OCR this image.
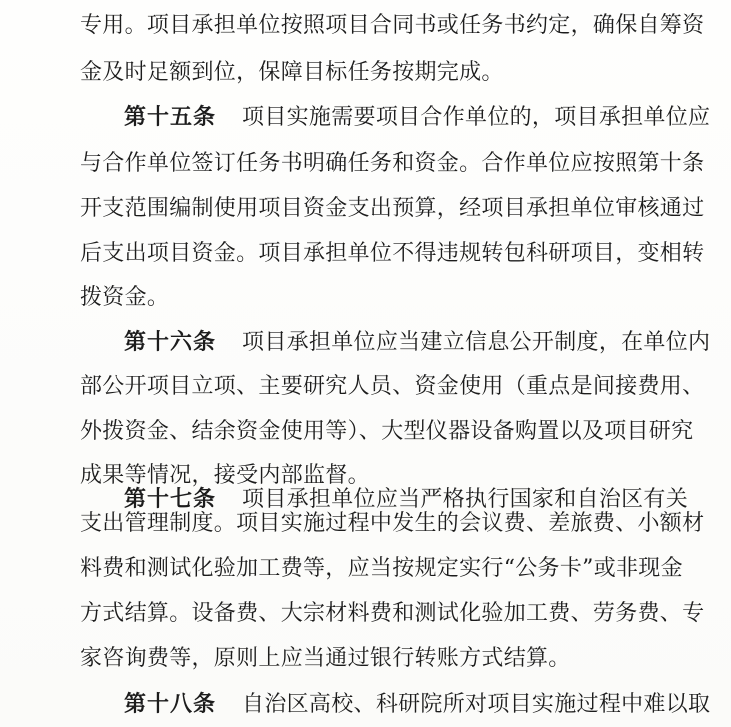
专用。项目承担单位按照项目合同书或任务书约定，确保自筹资
金及时足额到位，保障目标任务按期完成。
第十五条 项目实施需要项目合作单位的，项目承担单位应
与合作单位签订任务书明确任务和资金。合作单位应按照第十条
开支范围编制使用项目资金支出预算，经项目承担单位审核通过
后支出项目资金。项目承担单位不得违规转包科研项目，变相转
拨资金。
第十六条 项目承担单位应当建立信息公开制度，在单位内
部公开项目立项、主要研究人员、资金使用（重点是间接费用、
外拨资金、结余资金使用等）、大型仪器设备购置以及项目研究
成果等情况，接受内部监督。
第十七条 项目承担单位应当严格执行国家和自治区有关
支出管理制度。项目实施过程中发生的会议费、差旅费、小额材
料费和测试化验加工费等，应当按规定实行“公务卡”或非现金
方式结算。设备费、大宗材料费和测试化验加工费、劳务费、专
家咨询费等，原则上应当通过银行转账方式结算。
第十八条 自治区高校、科研院所对项目实施过程中难以取
